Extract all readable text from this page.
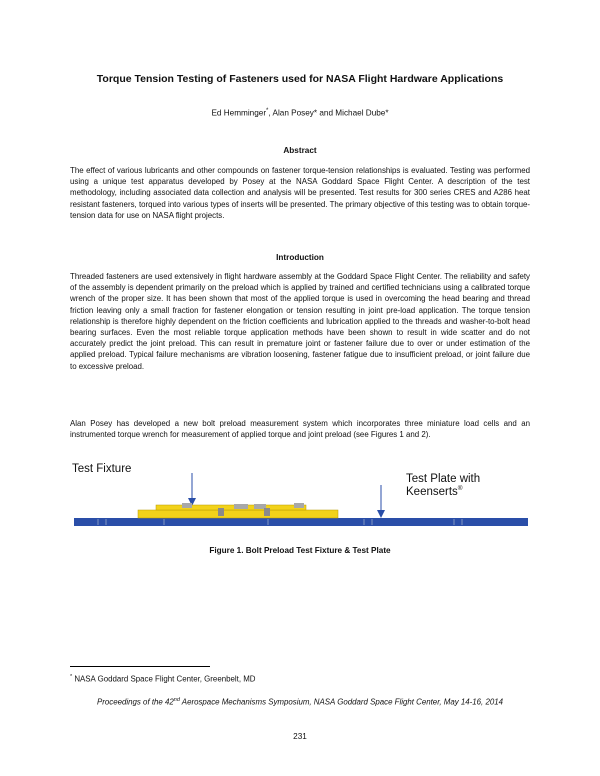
Torque Tension Testing of Fasteners used for NASA Flight Hardware Applications
Ed Hemminger*, Alan Posey* and Michael Dube*
Abstract
The effect of various lubricants and other compounds on fastener torque-tension relationships is evaluated. Testing was performed using a unique test apparatus developed by Posey at the NASA Goddard Space Flight Center. A description of the test methodology, including associated data collection and analysis will be presented. Test results for 300 series CRES and A286 heat resistant fasteners, torqued into various types of inserts will be presented. The primary objective of this testing was to obtain torque-tension data for use on NASA flight projects.
Introduction
Threaded fasteners are used extensively in flight hardware assembly at the Goddard Space Flight Center. The reliability and safety of the assembly is dependent primarily on the preload which is applied by trained and certified technicians using a calibrated torque wrench of the proper size. It has been shown that most of the applied torque is used in overcoming the head bearing and thread friction leaving only a small fraction for fastener elongation or tension resulting in joint pre-load application. The torque tension relationship is therefore highly dependent on the friction coefficients and lubrication applied to the threads and washer-to-bolt head bearing surfaces. Even the most reliable torque application methods have been shown to result in wide scatter and do not accurately predict the joint preload. This can result in premature joint or fastener failure due to over or under estimation of the applied preload. Typical failure mechanisms are vibration loosening, fastener fatigue due to insufficient preload, or joint failure due to excessive preload.
Alan Posey has developed a new bolt preload measurement system which incorporates three miniature load cells and an instrumented torque wrench for measurement of applied torque and joint preload (see Figures 1 and 2).
Test Fixture
Test Plate with
Keenserts®
Figure 1. Bolt Preload Test Fixture & Test Plate
* NASA Goddard Space Flight Center, Greenbelt, MD
Proceedings of the 42nd Aerospace Mechanisms Symposium, NASA Goddard Space Flight Center, May 14-16, 2014
231
